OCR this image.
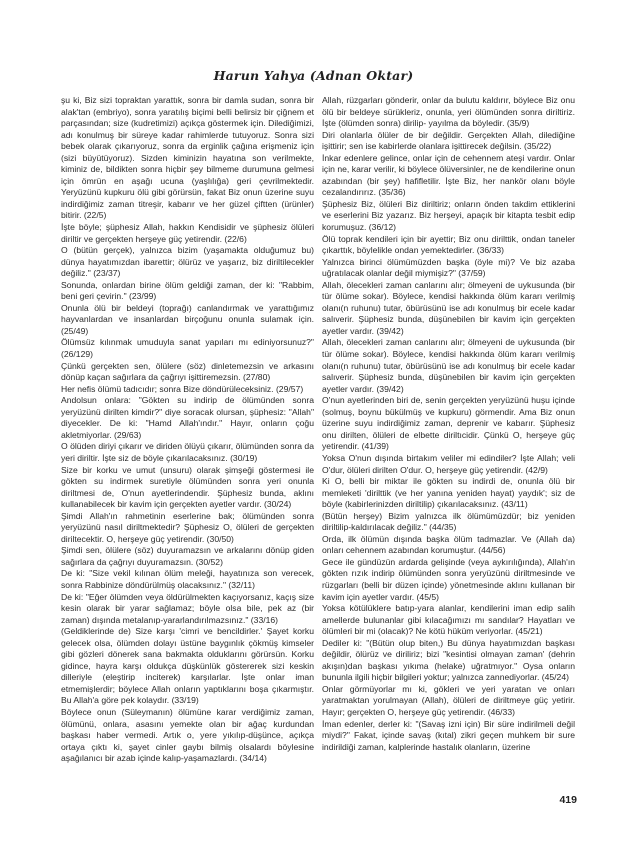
Harun Yahya (Adnan Oktar)

şu ki, Biz sizi topraktan yarattık, sonra bir damla sudan, sonra bir alak'tan (embriyo), sonra yaratılış biçimi belli belirsiz bir çiğnem et parçasından; size (kudretimizi) açıkça göstermek için. Dilediğimizi, adı konulmuş bir süreye kadar rahimlerde tutuyoruz. Sonra sizi bebek olarak çıkarıyoruz, sonra da erginlik çağına erişmeniz için (sizi büyütüyoruz). Sizden kiminizin hayatına son verilmekte, kiminiz de, bildikten sonra hiçbir şey bilmeme durumuna gelmesi için ömrün en aşağı ucuna (yaşlılığa) geri çevrilmektedir. Yeryüzünü kupkuru ölü gibi görürsün, fakat Biz onun üzerine suyu indirdiğimiz zaman titreşir, kabarır ve her güzel çiftten (ürünler) bitirir. (22/5)

İşte böyle; şüphesiz Allah, hakkın Kendisidir ve şüphesiz ölüleri diriltir ve gerçekten herşeye güç yetirendir. (22/6)

O (bütün gerçek), yalnızca bizim (yaşamakta olduğumuz bu) dünya hayatımızdan ibarettir; ölürüz ve yaşarız, biz diriltilecekler değiliz." (23/37)

Sonunda, onlardan birine ölüm geldiği zaman, der ki: "Rabbim, beni geri çevirin." (23/99)

Onunla ölü bir beldeyi (toprağı) canlandırmak ve yarattığımız hayvanlardan ve insanlardan birçoğunu onunla sulamak için. (25/49)

Ölümsüz kılınmak umuduyla sanat yapıları mı ediniyorsunuz?" (26/129)

Çünkü gerçekten sen, ölülere (söz) dinletemezsin ve arkasını dönüp kaçan sağırlara da çağrıyı işittiremezsin. (27/80)

Her nefis ölümü tadıcıdır; sonra Bize döndürüleceksiniz. (29/57)

Andolsun onlara: "Gökten su indirip de ölümünden sonra yeryüzünü dirilten kimdir?" diye soracak olursan, şüphesiz: "Allah" diyecekler. De ki: "Hamd Allah'ındır." Hayır, onların çoğu akletmiyorlar. (29/63)

O ölüden diriyi çıkarır ve diriden ölüyü çıkarır, ölümünden sonra da yeri diriltir. İşte siz de böyle çıkarılacaksınız. (30/19)

Size bir korku ve umut (unsuru) olarak şimşeği göstermesi ile gökten su indirmek suretiyle ölümünden sonra yeri onunla diriltmesi de, O'nun ayetlerindendir. Şüphesiz bunda, aklını kullanabilecek bir kavim için gerçekten ayetler vardır. (30/24)

Şimdi Allah'ın rahmetinin eserlerine bak; ölümünden sonra yeryüzünü nasıl diriltmektedir? Şüphesiz O, ölüleri de gerçekten diriltecektir. O, herşeye güç yetirendir. (30/50)

Şimdi sen, ölülere (söz) duyuramazsın ve arkalarını dönüp giden sağırlara da çağrıyı duyuramazsın. (30/52)

De ki: "Size vekil kılınan ölüm meleği, hayatınıza son verecek, sonra Rabbinize döndürülmüş olacaksınız." (32/11)

De ki: "Eğer ölümden veya öldürülmekten kaçıyorsanız, kaçış size kesin olarak bir yarar sağlamaz; böyle olsa bile, pek az (bir zaman) dışında metalanıp-yararlandırılmazsınız." (33/16)

(Geldiklerinde de) Size karşı 'cimri ve bencildirler.' Şayet korku gelecek olsa, ölümden dolayı üstüne baygınlık çökmüş kimseler gibi gözleri dönerek sana bakmakta olduklarını görürsün. Korku gidince, hayra karşı oldukça düşkünlük göstererek sizi keskin dilleriyle (eleştirip inciterek) karşılarlar. İşte onlar iman etmemişlerdir; böylece Allah onların yaptıklarını boşa çıkarmıştır. Bu Allah'a göre pek kolaydır. (33/19)

Böylece onun (Süleymanın) ölümüne karar verdiğimiz zaman, ölümünü, onlara, asasını yemekte olan bir ağaç kurdundan başkası haber vermedi. Artık o, yere yıkılıp-düşünce, açıkça ortaya çıktı ki, şayet cinler gaybı bilmiş olsalardı böylesine aşağılanıcı bir azab içinde kalıp-yaşamazlardı. (34/14)

Allah, rüzgarları gönderir, onlar da bulutu kaldırır, böylece Biz onu ölü bir beldeye sürükleriz, onunla, yeri ölümünden sonra diriltiriz. İşte (ölümden sonra) dirilip- yayılma da böyledir. (35/9)

Diri olanlarla ölüler de bir değildir. Gerçekten Allah, dilediğine işittirir; sen ise kabirlerde olanlara işittirecek değilsin. (35/22)

İnkar edenlere gelince, onlar için de cehennem ateşi vardır. Onlar için ne, karar verilir, ki böylece ölüversinler, ne de kendilerine onun azabından (bir şey) hafifletilir. İşte Biz, her nankör olanı böyle cezalandırırız. (35/36)

Şüphesiz Biz, ölüleri Biz diriltiriz; onların önden takdim ettiklerini ve eserlerini Biz yazarız. Biz herşeyi, apaçık bir kitapta tesbit edip korumuşuz. (36/12)

Ölü toprak kendileri için bir ayettir; Biz onu dirilttik, ondan taneler çıkarttık, böylelikle ondan yemektedirler. (36/33)

Yalnızca birinci ölümümüzden başka (öyle mi)? Ve biz azaba uğratılacak olanlar değil miymişiz?" (37/59)

Allah, ölecekleri zaman canlarını alır; ölmeyeni de uykusunda (bir tür ölüme sokar). Böylece, kendisi hakkında ölüm kararı verilmiş olanı(n ruhunu) tutar, öbürüsünü ise adı konulmuş bir ecele kadar salıverir. Şüphesiz bunda, düşünebilen bir kavim için gerçekten ayetler vardır. (39/42)

Allah, ölecekleri zaman canlarını alır; ölmeyeni de uykusunda (bir tür ölüme sokar). Böylece, kendisi hakkında ölüm kararı verilmiş olanı(n ruhunu) tutar, öbürüsünü ise adı konulmuş bir ecele kadar salıverir. Şüphesiz bunda, düşünebilen bir kavim için gerçekten ayetler vardır. (39/42)

O'nun ayetlerinden biri de, senin gerçekten yeryüzünü huşu içinde (solmuş, boynu bükülmüş ve kupkuru) görmendir. Ama Biz onun üzerine suyu indirdiğimiz zaman, deprenir ve kabarır. Şüphesiz onu dirilten, ölüleri de elbette diriltıcidir. Çünkü O, herşeye güç yetirendir. (41/39)

Yoksa O'nun dışında birtakım veliler mi edindiler? İşte Allah; veli O'dur, ölüleri dirilten O'dur. O, herşeye güç yetirendir. (42/9)

Ki O, belli bir miktar ile gökten su indirdi de, onunla ölü bir memleketi 'dirilttik (ve her yanına yeniden hayat) yaydık'; siz de böyle (kabirlerinizden diriltilip) çıkarılacaksınız. (43/11)

(Bütün herşey) Bizim yalnızca ilk ölümümüzdür; biz yeniden diriltilip-kaldırılacak değiliz." (44/35)

Orda, ilk ölümün dışında başka ölüm tadmazlar. Ve (Allah da) onları cehennem azabından korumuştur. (44/56)

Gece ile gündüzün ardarda gelişinde (veya aykırılığında), Allah'ın gökten rızık indirip ölümünden sonra yeryüzünü diriltmesinde ve rüzgarları (belli bir düzen içinde) yönetmesinde aklını kullanan bir kavim için ayetler vardır. (45/5)

Yoksa kötülüklere batıp-yara alanlar, kendilerini iman edip salih amellerde bulunanlar gibi kılacağımızı mı sandılar? Hayatları ve ölümleri bir mi (olacak)? Ne kötü hüküm veriyorlar. (45/21)

Dediler ki: "(Bütün olup biten,) Bu dünya hayatımızdan başkası değildir, ölürüz ve diriliriz; bizi "kesintisi olmayan zaman' (dehrin akışın)dan başkası yıkıma (helake) uğratmıyor." Oysa onların bununla ilgili hiçbir bilgileri yoktur; yalnızca zannediyorlar. (45/24)

Onlar görmüyorlar mı ki, gökleri ve yeri yaratan ve onları yaratmaktan yorulmayan (Allah), ölüleri de diriltmeye güç yetirir. Hayır; gerçekten O, herşeye güç yetirendir. (46/33)

İman edenler, derler ki: "(Savaş izni için) Bir süre indirilmeli değil miydi?" Fakat, içinde savaş (kıtal) zikri geçen muhkem bir sure indirildiği zaman, kalplerinde hastalık olanların, üzerine

419
